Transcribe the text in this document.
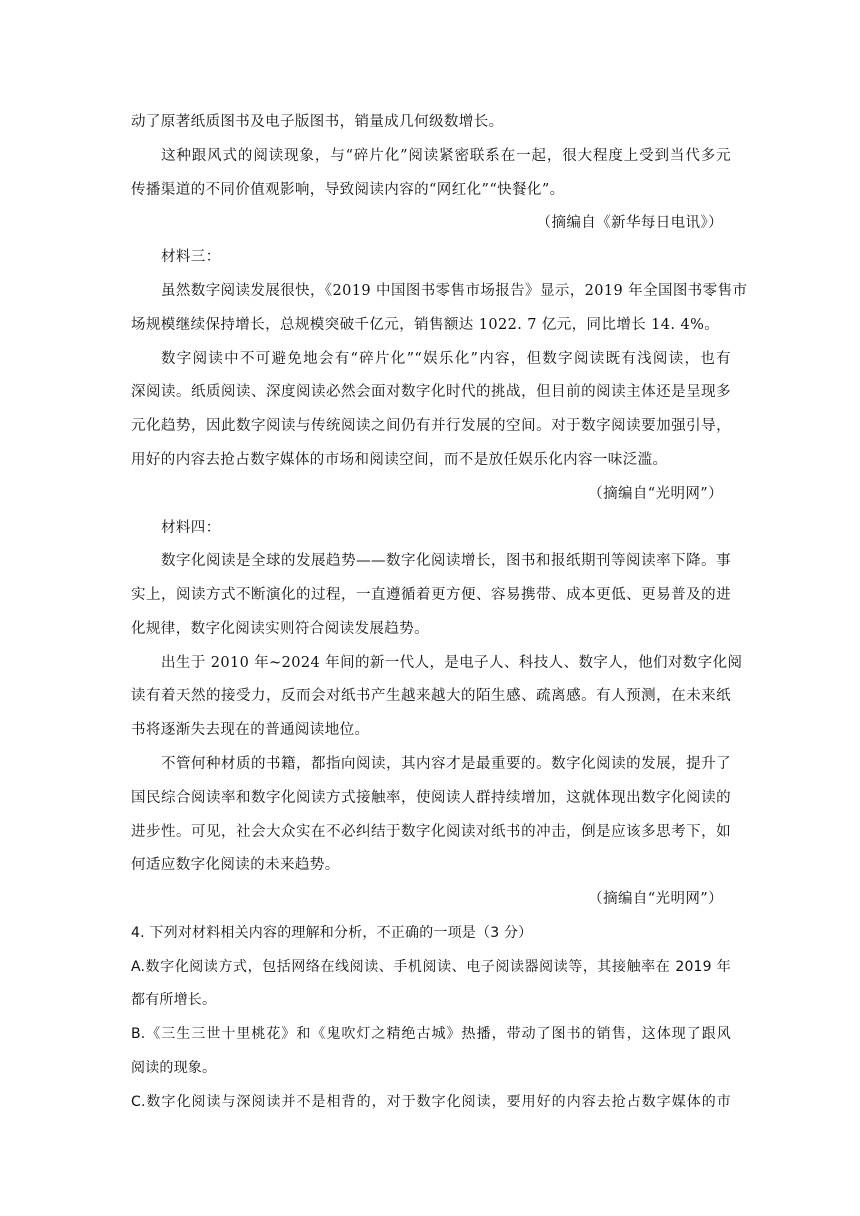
动了原著纸质图书及电子版图书，销量成几何级数增长。
这种跟风式的阅读现象，与“碎片化”阅读紧密联系在一起，很大程度上受到当代多元
传播渠道的不同价值观影响，导致阅读内容的“网红化”“快餐化”。
（摘编自《新华每日电讯》）
材料三：
虽然数字阅读发展很快，《2019 中国图书零售市场报告》显示，2019 年全国图书零售市
场规模继续保持增长，总规模突破千亿元，销售额达 1022. 7 亿元，同比增长 14. 4%。
数字阅读中不可避免地会有“碎片化”“娱乐化”内容，但数字阅读既有浅阅读，也有
深阅读。纸质阅读、深度阅读必然会面对数字化时代的挑战，但目前的阅读主体还是呈现多
元化趋势，因此数字阅读与传统阅读之间仍有并行发展的空间。对于数字阅读要加强引导，
用好的内容去抢占数字媒体的市场和阅读空间，而不是放任娱乐化内容一味泛滥。
（摘编自“光明网”）
材料四：
数字化阅读是全球的发展趋势——数字化阅读增长，图书和报纸期刊等阅读率下降。事
实上，阅读方式不断演化的过程，一直遵循着更方便、容易携带、成本更低、更易普及的进
化规律，数字化阅读实则符合阅读发展趋势。
出生于 2010 年~2024 年间的新一代人，是电子人、科技人、数字人，他们对数字化阅
读有着天然的接受力，反而会对纸书产生越来越大的陌生感、疏离感。有人预测，在未来纸
书将逐渐失去现在的普通阅读地位。
不管何种材质的书籍，都指向阅读，其内容才是最重要的。数字化阅读的发展，提升了
国民综合阅读率和数字化阅读方式接触率，使阅读人群持续增加，这就体现出数字化阅读的
进步性。可见，社会大众实在不必纠结于数字化阅读对纸书的冲击，倒是应该多思考下，如
何适应数字化阅读的未来趋势。
（摘编自“光明网”）
4. 下列对材料相关内容的理解和分析，不正确的一项是（3 分）
A.数字化阅读方式，包括网络在线阅读、手机阅读、电子阅读器阅读等，其接触率在 2019 年
都有所增长。
B.《三生三世十里桃花》和《鬼吹灯之精绝古城》热播，带动了图书的销售，这体现了跟风
阅读的现象。
C.数字化阅读与深阅读并不是相背的，对于数字化阅读，要用好的内容去抢占数字媒体的市
